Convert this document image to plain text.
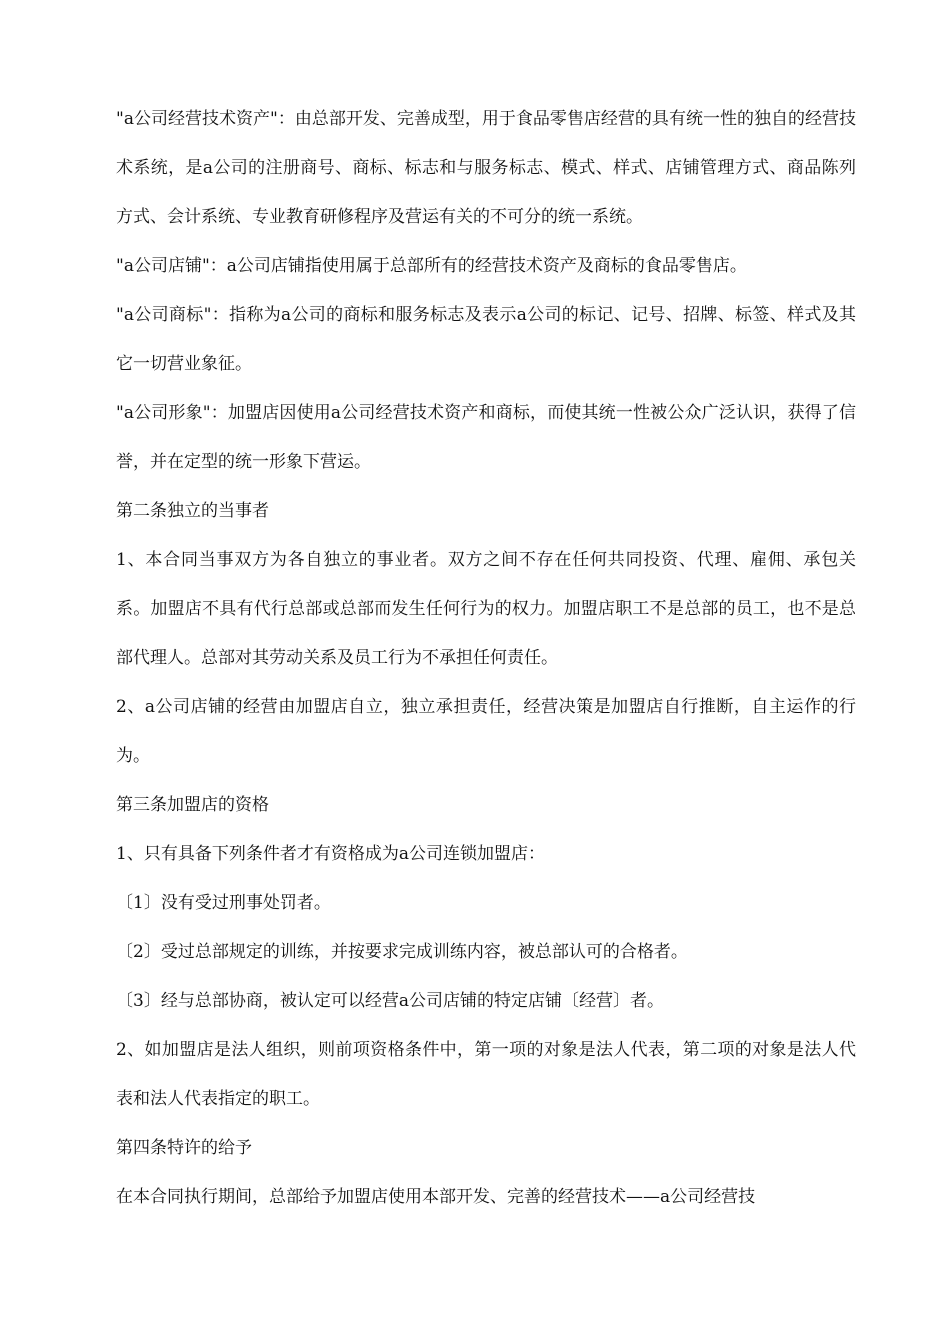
"a公司经营技术资产"：由总部开发、完善成型，用于食品零售店经营的具有统一性的独自的经营技术系统，是a公司的注册商号、商标、标志和与服务标志、模式、样式、店铺管理方式、商品陈列方式、会计系统、专业教育研修程序及营运有关的不可分的统一系统。

"a公司店铺"：a公司店铺指使用属于总部所有的经营技术资产及商标的食品零售店。

"a公司商标"：指称为a公司的商标和服务标志及表示a公司的标记、记号、招牌、标签、样式及其它一切营业象征。

"a公司形象"：加盟店因使用a公司经营技术资产和商标，而使其统一性被公众广泛认识，获得了信誉，并在定型的统一形象下营运。

第二条独立的当事者

1、本合同当事双方为各自独立的事业者。双方之间不存在任何共同投资、代理、雇佣、承包关系。加盟店不具有代行总部或总部而发生任何行为的权力。加盟店职工不是总部的员工，也不是总部代理人。总部对其劳动关系及员工行为不承担任何责任。

2、a公司店铺的经营由加盟店自立，独立承担责任，经营决策是加盟店自行推断，自主运作的行为。

第三条加盟店的资格

1、只有具备下列条件者才有资格成为a公司连锁加盟店：

〔1〕没有受过刑事处罚者。

〔2〕受过总部规定的训练，并按要求完成训练内容，被总部认可的合格者。

〔3〕经与总部协商，被认定可以经营a公司店铺的特定店铺〔经营〕者。

2、如加盟店是法人组织，则前项资格条件中，第一项的对象是法人代表，第二项的对象是法人代表和法人代表指定的职工。

第四条特许的给予

在本合同执行期间，总部给予加盟店使用本部开发、完善的经营技术——a公司经营技
